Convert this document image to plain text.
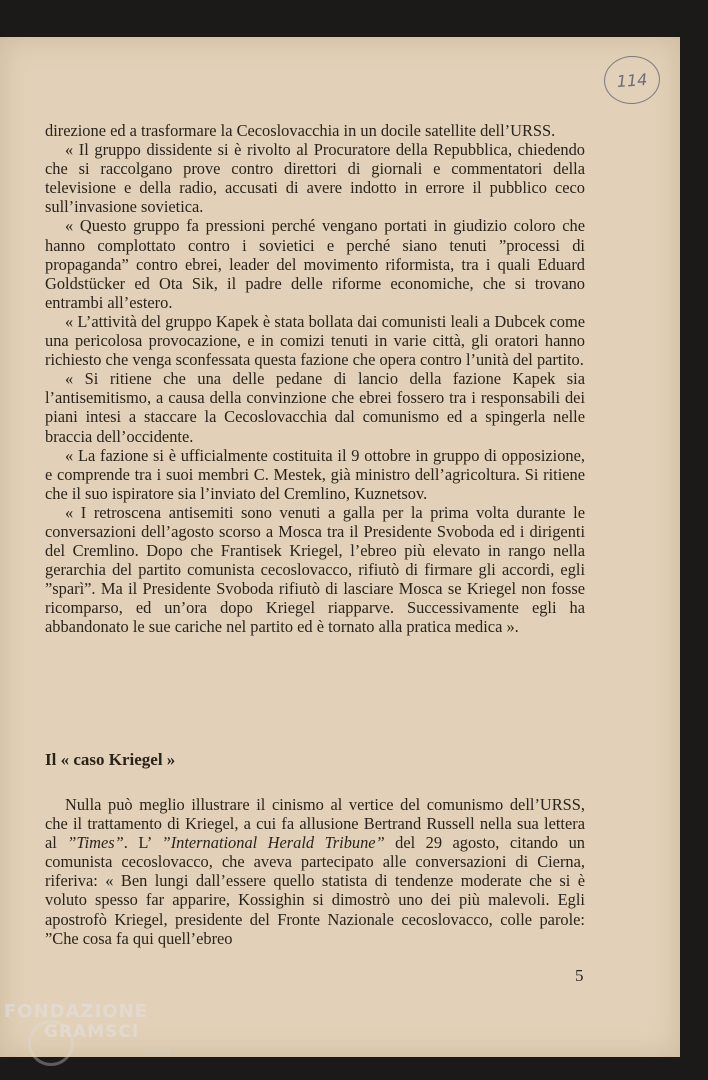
114

direzione ed a trasformare la Cecoslovacchia in un docile satellite dell’URSS.

« Il gruppo dissidente si è rivolto al Procuratore della Repubblica, chiedendo che si raccolgano prove contro direttori di giornali e commentatori della televisione e della radio, accusati di avere indotto in errore il pubblico ceco sull’invasione sovietica.

« Questo gruppo fa pressioni perché vengano portati in giudizio coloro che hanno complottato contro i sovietici e perché siano tenuti ”processi di propaganda” contro ebrei, leader del movimento riformista, tra i quali Eduard Goldstücker ed Ota Sik, il padre delle riforme economiche, che si trovano entrambi all’estero.

« L’attività del gruppo Kapek è stata bollata dai comunisti leali a Dubcek come una pericolosa provocazione, e in comizi tenuti in varie città, gli oratori hanno richiesto che venga sconfessata questa fazione che opera contro l’unità del partito.

« Si ritiene che una delle pedane di lancio della fazione Kapek sia l’antisemitismo, a causa della convinzione che ebrei fossero tra i responsabili dei piani intesi a staccare la Cecoslovacchia dal comunismo ed a spingerla nelle braccia dell’occidente.

« La fazione si è ufficialmente costituita il 9 ottobre in gruppo di opposizione, e comprende tra i suoi membri C. Mestek, già ministro dell’agricoltura. Si ritiene che il suo ispiratore sia l’inviato del Cremlino, Kuznetsov.

« I retroscena antisemiti sono venuti a galla per la prima volta durante le conversazioni dell’agosto scorso a Mosca tra il Presidente Svoboda ed i dirigenti del Cremlino. Dopo che Frantisek Kriegel, l’ebreo più elevato in rango nella gerarchia del partito comunista cecoslovacco, rifiutò di firmare gli accordi, egli ”sparì”. Ma il Presidente Svoboda rifiutò di lasciare Mosca se Kriegel non fosse ricomparso, ed un’ora dopo Kriegel riapparve. Successivamente egli ha abbandonato le sue cariche nel partito ed è tornato alla pratica medica ».

Il « caso Kriegel »
Nulla può meglio illustrare il cinismo al vertice del comunismo dell’URSS, che il trattamento di Kriegel, a cui fa allusione Bertrand Russell nella sua lettera al ”Times”. L’ ”International Herald Tribune” del 29 agosto, citando un comunista cecoslovacco, che aveva partecipato alle conversazioni di Cierna, riferiva: « Ben lungi dall’essere quello statista di tendenze moderate che si è voluto spesso far apparire, Kossighin si dimostrò uno dei più malevoli. Egli apostrofò Kriegel, presidente del Fronte Nazionale cecoslovacco, colle parole: ”Che cosa fa qui quell’ebreo
5
FONDAZIONE
GRAMSCI
onlus
